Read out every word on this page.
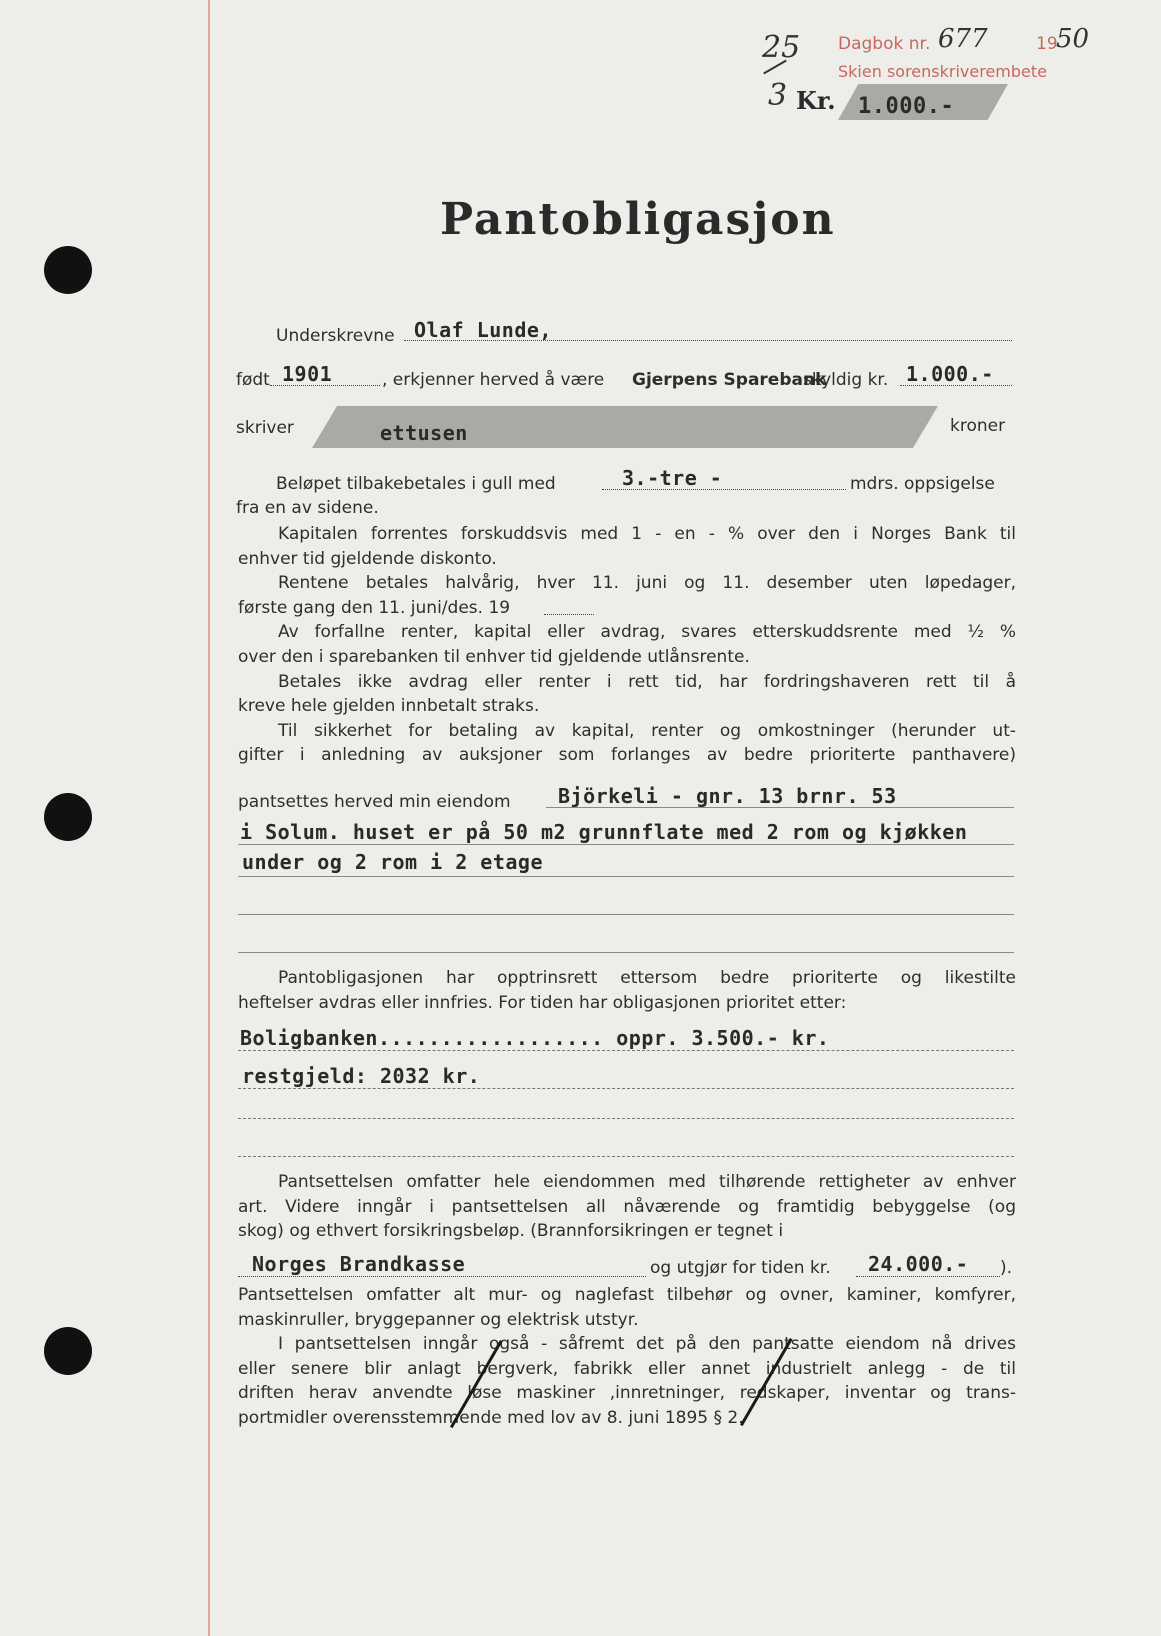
25
3
Dagbok nr. 677	19
50
Skien sorenskriverembete
Kr. 1.000.-
Pantobligasjon
Underskrevne Olaf Lunde,
født 1901	, erkjenner herved å være Gjerpens Sparebank
skyldig kr. 1.000.-
skriver	ettusen	kroner
Beløpet tilbakebetales i gull med	3.-tre -	mdrs. oppsigelse
fra en av sidene.
Kapitalen forrentes forskuddsvis med 1 - en - % over den i Norges Bank til
enhver tid gjeldende diskonto.
Rentene betales halvårig, hver 11. juni og 11. desember uten løpedager,
første gang den 11. juni/des. 19
Av forfallne renter, kapital eller avdrag, svares etterskuddsrente med ½ %
over den i sparebanken til enhver tid gjeldende utlånsrente.
Betales ikke avdrag eller renter i rett tid, har fordringshaveren rett til å
kreve hele gjelden innbetalt straks.
Til sikkerhet for betaling av kapital, renter og omkostninger (herunder ut-
gifter i anledning av auksjoner som forlanges av bedre prioriterte panthavere)
pantsettes herved min eiendom Björkeli - gnr. 13 brnr. 53
i Solum. huset er på 50 m2 grunnflate med 2 rom og kjøkken
under og 2 rom i 2 etage
Pantobligasjonen har opptrinsrett ettersom bedre prioriterte og likestilte
heftelser avdras eller innfries. For tiden har obligasjonen prioritet etter:
Boligbanken.................. oppr. 3.500.- kr.
restgjeld: 2032 kr.
Pantsettelsen omfatter hele eiendommen med tilhørende rettigheter av enhver
art. Videre inngår i pantsettelsen all nåværende og framtidig bebyggelse (og
skog) og ethvert forsikringsbeløp. (Brannforsikringen er tegnet i
Norges Brandkasse	og utgjør for tiden kr. 24.000.- ).
Pantsettelsen omfatter alt mur- og naglefast tilbehør og ovner, kaminer, komfyrer,
maskinruller, bryggepanner og elektrisk utstyr.
I pantsettelsen inngår også - såfremt det på den pantsatte eiendom nå drives
eller senere blir anlagt bergverk, fabrikk eller annet industrielt anlegg - de til
driften herav anvendte løse maskiner ,innretninger, redskaper, inventar og trans-
portmidler overensstemmende med lov av 8. juni 1895 § 2.
